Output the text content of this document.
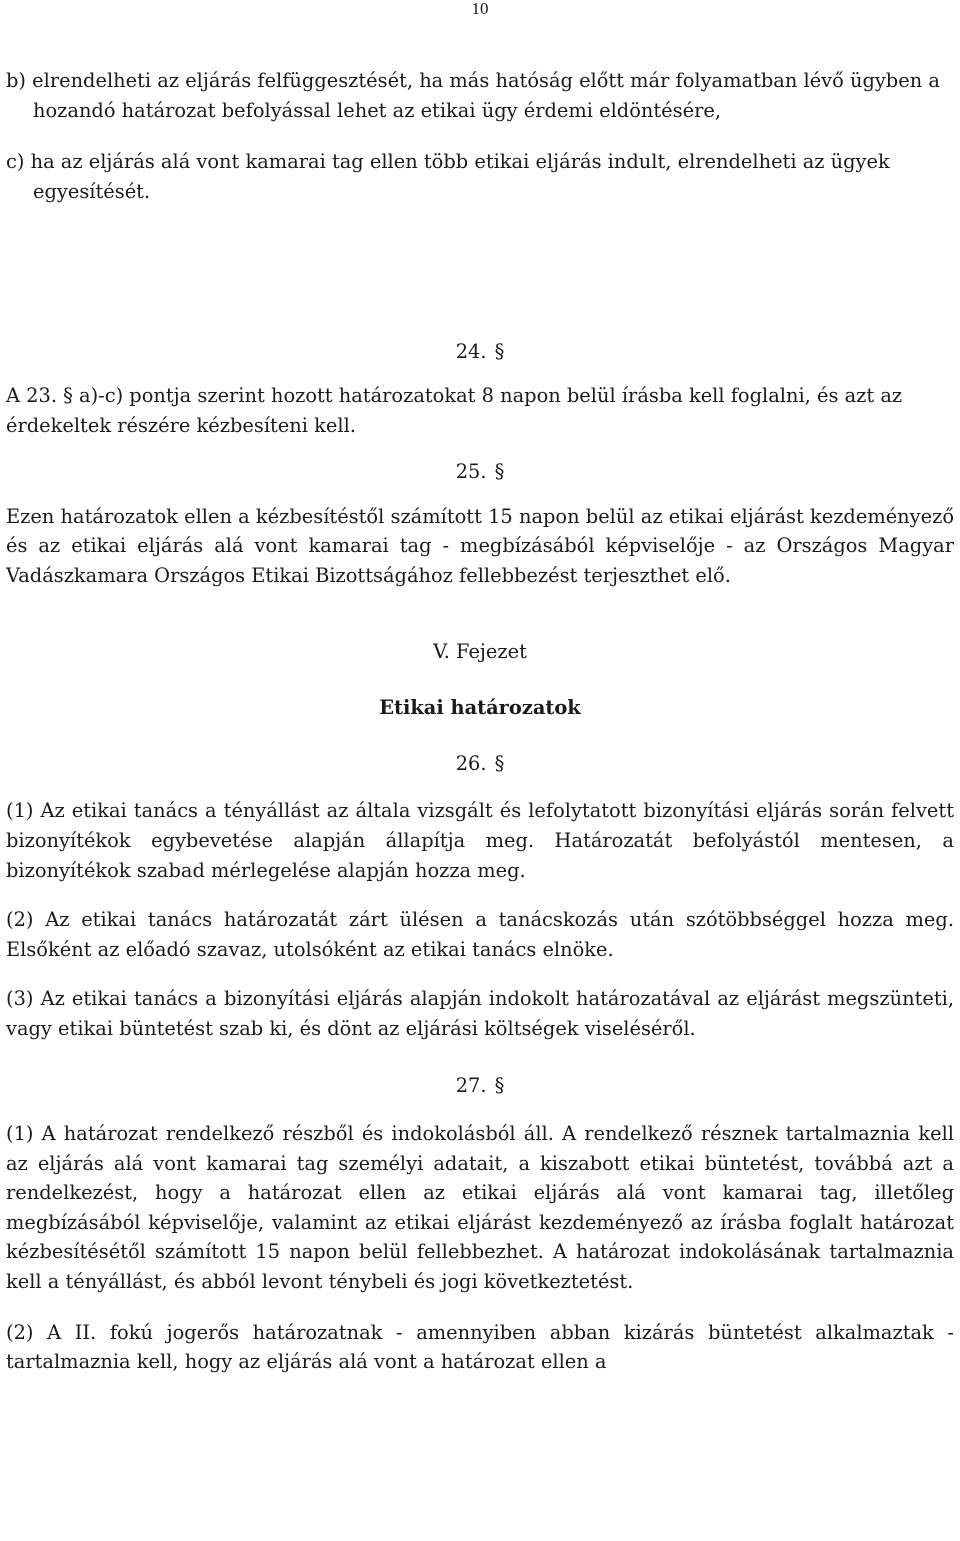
10

b) elrendelheti az eljárás felfüggesztését, ha más hatóság előtt már folyamatban lévő ügyben a hozandó határozat befolyással lehet az etikai ügy érdemi eldöntésére,

c) ha az eljárás alá vont kamarai tag ellen több etikai eljárás indult, elrendelheti az ügyek egyesítését.

24. §

A 23. § a)-c) pontja szerint hozott határozatokat 8 napon belül írásba kell foglalni, és azt az érdekeltek részére kézbesíteni kell.

25. §

Ezen határozatok ellen a kézbesítéstől számított 15 napon belül az etikai eljárást kezdeményező és az etikai eljárás alá vont kamarai tag - megbízásából képviselője - az Országos Magyar Vadászkamara Országos Etikai Bizottságához fellebbezést terjeszthet elő.

V. Fejezet

Etikai határozatok

26. §

(1) Az etikai tanács a tényállást az általa vizsgált és lefolytatott bizonyítási eljárás során felvett bizonyítékok egybevetése alapján állapítja meg. Határozatát befolyástól mentesen, a bizonyítékok szabad mérlegelése alapján hozza meg.

(2) Az etikai tanács határozatát zárt ülésen a tanácskozás után szótöbbséggel hozza meg. Elsőként az előadó szavaz, utolsóként az etikai tanács elnöke.

(3) Az etikai tanács a bizonyítási eljárás alapján indokolt határozatával az eljárást megszünteti, vagy etikai büntetést szab ki, és dönt az eljárási költségek viseléséről.

27. §

(1) A határozat rendelkező részből és indokolásból áll. A rendelkező résznek tartalmaznia kell az eljárás alá vont kamarai tag személyi adatait, a kiszabott etikai büntetést, továbbá azt a rendelkezést, hogy a határozat ellen az etikai eljárás alá vont kamarai tag, illetőleg megbízásából képviselője, valamint az etikai eljárást kezdeményező az írásba foglalt határozat kézbesítésétől számított 15 napon belül fellebbezhet. A határozat indokolásának tartalmaznia kell a tényállást, és abból levont ténybeli és jogi következtetést.

(2) A II. fokú jogerős határozatnak - amennyiben abban kizárás büntetést alkalmaztak - tartalmaznia kell, hogy az eljárás alá vont a határozat ellen a
